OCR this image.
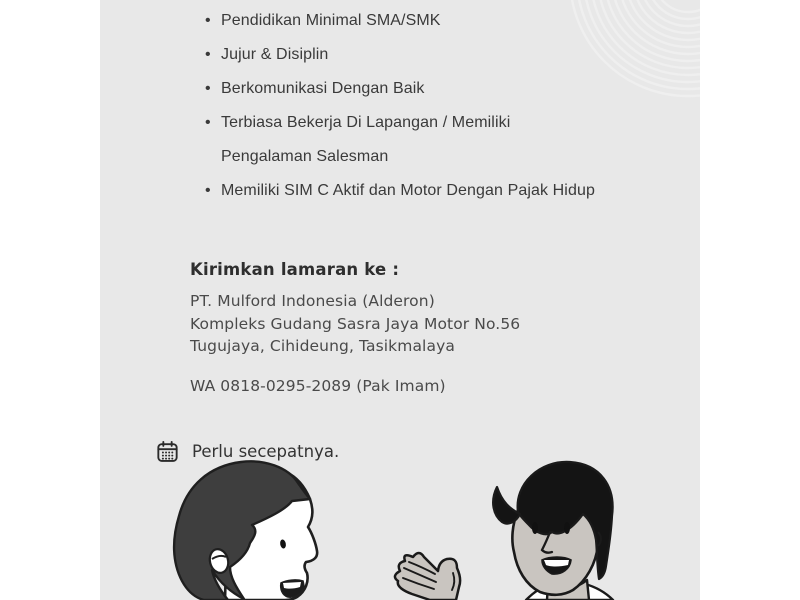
• Pendidikan Minimal SMA/SMK
• Jujur & Disiplin
• Berkomunikasi Dengan Baik
• Terbiasa Bekerja Di Lapangan / Memiliki Pengalaman Salesman
• Memiliki SIM C Aktif dan Motor Dengan Pajak Hidup
Kirimkan lamaran ke :
PT. Mulford Indonesia (Alderon)
Kompleks Gudang Sasra Jaya Motor No.56
Tugujaya, Cihideung, Tasikmalaya
WA 0818-0295-2089 (Pak Imam)
Perlu secepatnya.
